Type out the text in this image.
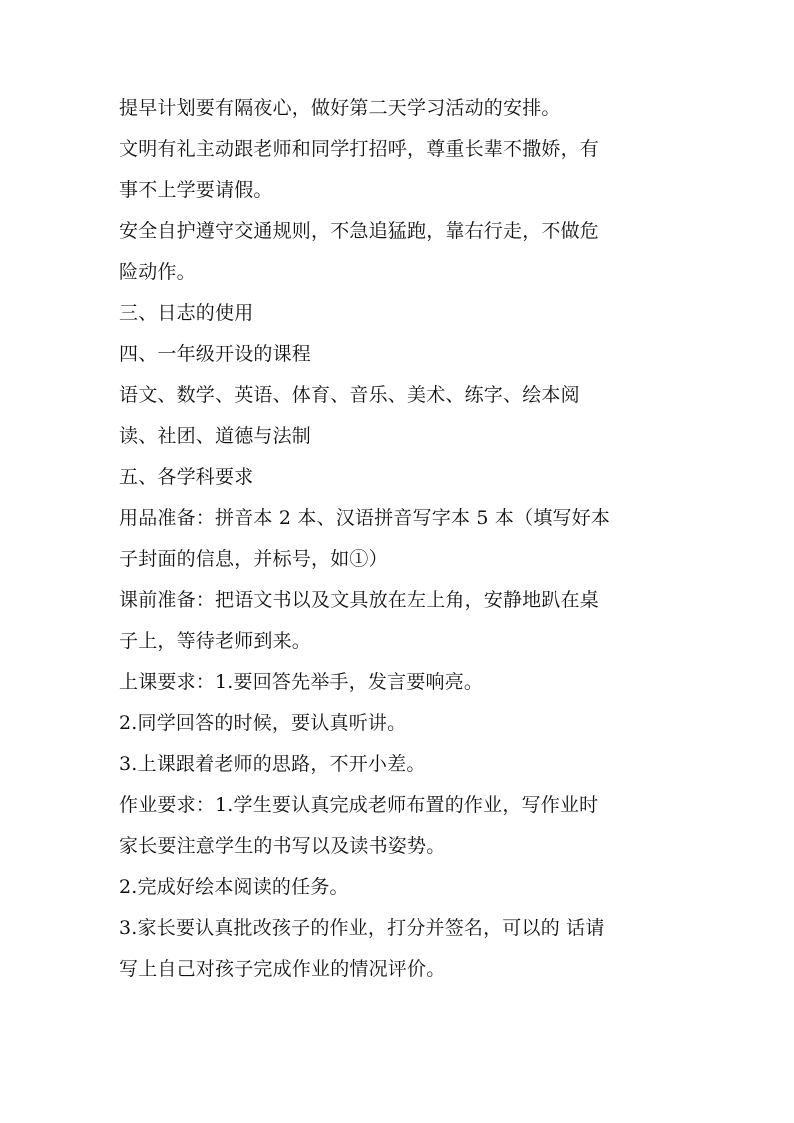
提早计划要有隔夜心，做好第二天学习活动的安排。
文明有礼主动跟老师和同学打招呼，尊重长辈不撒娇，有
事不上学要请假。
安全自护遵守交通规则，不急追猛跑，靠右行走，不做危
险动作。
三、日志的使用
四、一年级开设的课程
语文、数学、英语、体育、音乐、美术、练字、绘本阅
读、社团、道德与法制
五、各学科要求
用品准备：拼音本 2 本、汉语拼音写字本 5 本（填写好本
子封面的信息，并标号，如①）
课前准备：把语文书以及文具放在左上角，安静地趴在桌
子上，等待老师到来。
上课要求：1.要回答先举手，发言要响亮。
2.同学回答的时候，要认真听讲。
3.上课跟着老师的思路，不开小差。
作业要求：1.学生要认真完成老师布置的作业，写作业时
家长要注意学生的书写以及读书姿势。
2.完成好绘本阅读的任务。
3.家长要认真批改孩子的作业，打分并签名，可以的 话请
写上自己对孩子完成作业的情况评价。
